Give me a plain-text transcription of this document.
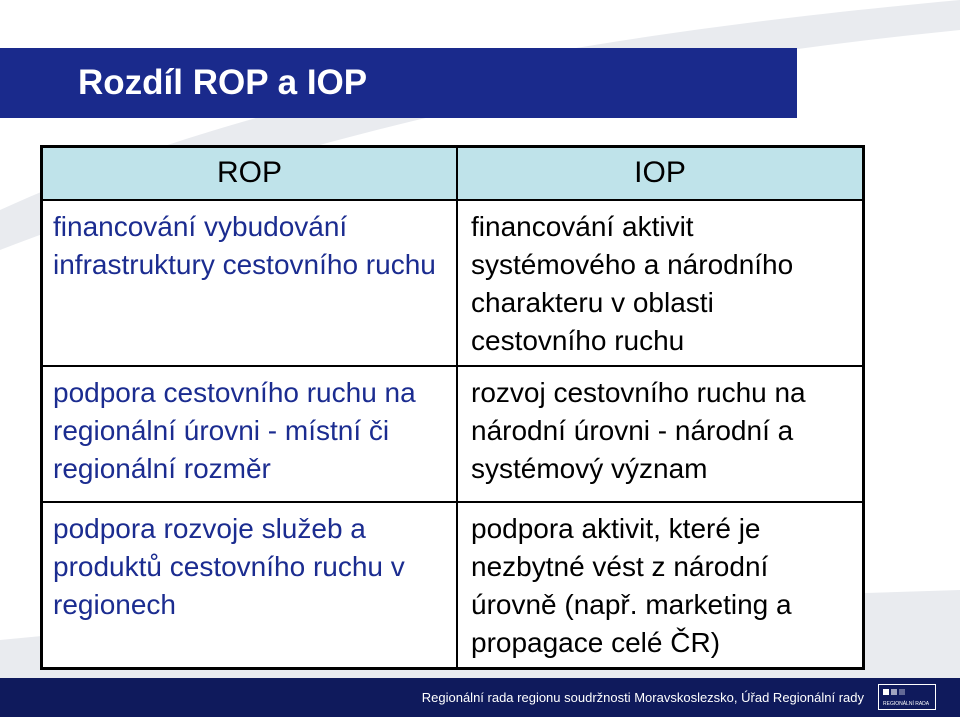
Rozdíl ROP a IOP
ROP	IOP
financování vybudování infrastruktury cestovního ruchu
financování aktivit systémového a národního charakteru v oblasti cestovního ruchu
podpora cestovního ruchu na regionální úrovni - místní či regionální rozměr
rozvoj cestovního ruchu na národní úrovni - národní a systémový význam
podpora rozvoje služeb a produktů cestovního ruchu v regionech
podpora aktivit, které je nezbytné vést z národní úrovně (např. marketing a propagace celé ČR)
Regionální rada regionu soudržnosti Moravskoslezsko, Úřad Regionální rady	REGIONÁLNÍ RADA
